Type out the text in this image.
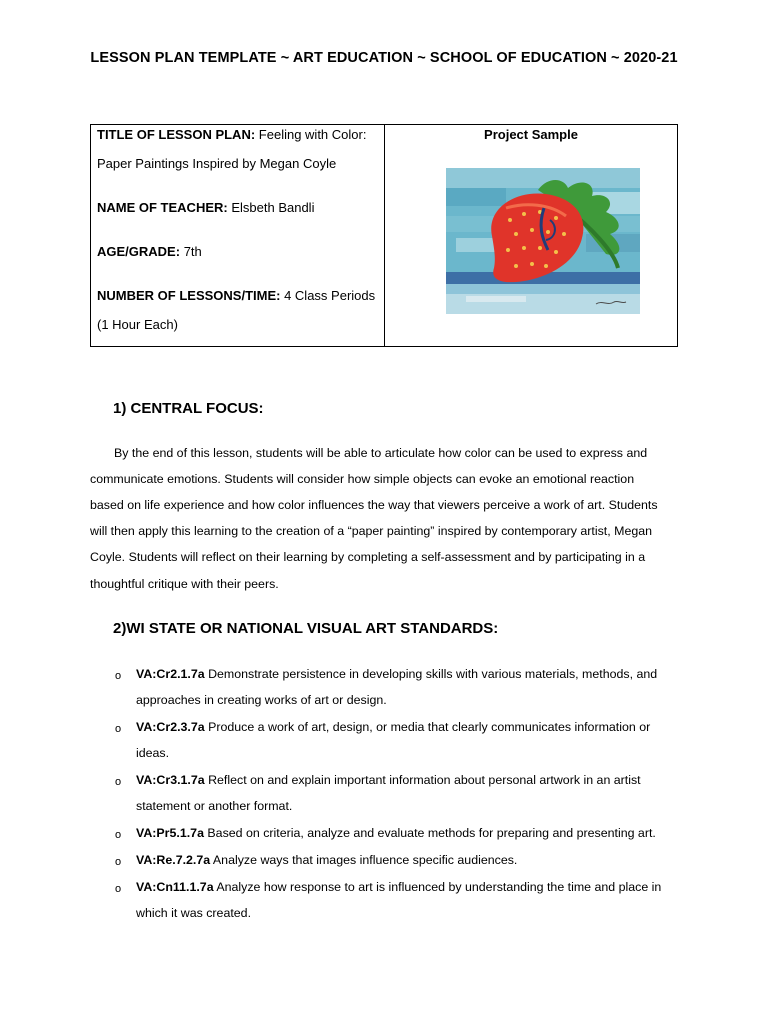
LESSON PLAN TEMPLATE ~ ART EDUCATION ~ SCHOOL OF EDUCATION ~ 2020-21
TITLE OF LESSON PLAN: Feeling with Color:
Paper Paintings Inspired by Megan Coyle
NAME OF TEACHER: Elsbeth Bandli
AGE/GRADE: 7th
NUMBER OF LESSONS/TIME: 4 Class Periods
(1 Hour Each)
Project Sample
1) CENTRAL FOCUS:
By the end of this lesson, students will be able to articulate how color can be used to express and
communicate emotions. Students will consider how simple objects can evoke an emotional reaction
based on life experience and how color influences the way that viewers perceive a work of art. Students
will then apply this learning to the creation of a “paper painting” inspired by contemporary artist, Megan
Coyle. Students will reflect on their learning by completing a self-assessment and by participating in a
thoughtful critique with their peers.
2)WI STATE OR NATIONAL VISUAL ART STANDARDS:
o VA:Cr2.1.7a Demonstrate persistence in developing skills with various materials, methods, and
approaches in creating works of art or design.
o VA:Cr2.3.7a Produce a work of art, design, or media that clearly communicates information or
ideas.
o VA:Cr3.1.7a Reflect on and explain important information about personal artwork in an artist
statement or another format.
o VA:Pr5.1.7a Based on criteria, analyze and evaluate methods for preparing and presenting art.
o VA:Re.7.2.7a Analyze ways that images influence specific audiences.
o VA:Cn11.1.7a Analyze how response to art is influenced by understanding the time and place in
which it was created.
